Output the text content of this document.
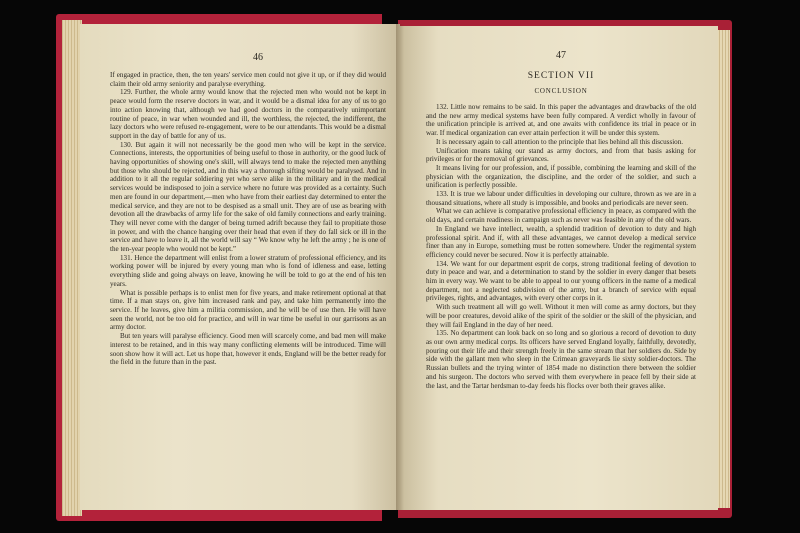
46

If engaged in practice, then, the ten years' service men could not give it up, or if they did would claim their old army seniority and paralyse everything.

129. Further, the whole army would know that the rejected men who would not be kept in peace would form the reserve doctors in war, and it would be a dismal idea for any of us to go into action knowing that, although we had good doctors in the comparatively unimportant routine of peace, in war when wounded and ill, the worthless, the rejected, the indifferent, the lazy doctors who were refused re-engagement, were to be our attendants. This would be a dismal support in the day of battle for any of us.

130. But again it will not necessarily be the good men who will be kept in the service. Connections, interests, the opportunities of being useful to those in authority, or the good luck of having opportunities of showing one's skill, will always tend to make the rejected men anything but those who should be rejected, and in this way a thorough sifting would be paralysed. And in addition to it all the regular soldiering yet who serve alike in the military and in the medical services would be indisposed to join a service where no future was provided as a certainty. Such men are found in our department,—men who have from their earliest day determined to enter the medical service, and they are not to be despised as a small unit. They are of use as bearing with devotion all the drawbacks of army life for the sake of old family connections and early training. They will never come with the danger of being turned adrift because they fail to propitiate those in power, and with the chance hanging over their head that even if they do fall sick or ill in the service and have to leave it, all the world will say “ We know why he left the army ; he is one of the ten-year people who would not be kept.”

131. Hence the department will enlist from a lower stratum of professional efficiency, and its working power will be injured by every young man who is fond of idleness and ease, letting everything slide and going always on leave, knowing he will be told to go at the end of his ten years.

What is possible perhaps is to enlist men for five years, and make retirement optional at that time. If a man stays on, give him increased rank and pay, and take him permanently into the service. If he leaves, give him a militia commission, and he will be of use then. He will have seen the world, not be too old for practice, and will in war time be useful in our garrisons as an army doctor.

But ten years will paralyse efficiency. Good men will scarcely come, and bad men will make interest to be retained, and in this way many conflicting elements will be introduced. Time will soon show how it will act. Let us hope that, however it ends, England will be the better ready for the field in the future than in the past.

47
SECTION VII
CONCLUSION

132. Little now remains to be said. In this paper the advantages and drawbacks of the old and the new army medical systems have been fully compared. A verdict wholly in favour of the unification principle is arrived at, and one awaits with confidence its trial in peace or in war. If medical organization can ever attain perfection it will be under this system.

It is necessary again to call attention to the principle that lies behind all this discussion.

Unification means taking our stand as army doctors, and from that basis asking for privileges or for the removal of grievances.

It means living for our profession, and, if possible, combining the learning and skill of the physician with the organization, the discipline, and the order of the soldier, and such a unification is perfectly possible.

133. It is true we labour under difficulties in developing our culture, thrown as we are in a thousand situations, where all study is impossible, and books and periodicals are never seen.

What we can achieve is comparative professional efficiency in peace, as compared with the old days, and certain readiness in campaign such as never was feasible in any of the old wars.

In England we have intellect, wealth, a splendid tradition of devotion to duty and high professional spirit. And if, with all these advantages, we cannot develop a medical service finer than any in Europe, something must be rotten somewhere. Under the regimental system efficiency could never be secured. Now it is perfectly attainable.

134. We want for our department esprit de corps, strong traditional feeling of devotion to duty in peace and war, and a determination to stand by the soldier in every danger that besets him in every way. We want to be able to appeal to our young officers in the name of a medical department, not a neglected subdivision of the army, but a branch of service with equal privileges, rights, and advantages, with every other corps in it.

With such treatment all will go well. Without it men will come as army doctors, but they will be poor creatures, devoid alike of the spirit of the soldier or the skill of the physician, and they will fail England in the day of her need.

135. No department can look back on so long and so glorious a record of devotion to duty as our own army medical corps. Its officers have served England loyally, faithfully, devotedly, pouring out their life and their strength freely in the same stream that her soldiers do. Side by side with the gallant men who sleep in the Crimean graveyards lie sixty soldier-doctors. The Russian bullets and the trying winter of 1854 made no distinction there between the soldier and his surgeon. The doctors who served with them everywhere in peace fell by their side at the last, and the Tartar herdsman to-day feeds his flocks over both their graves alike.
